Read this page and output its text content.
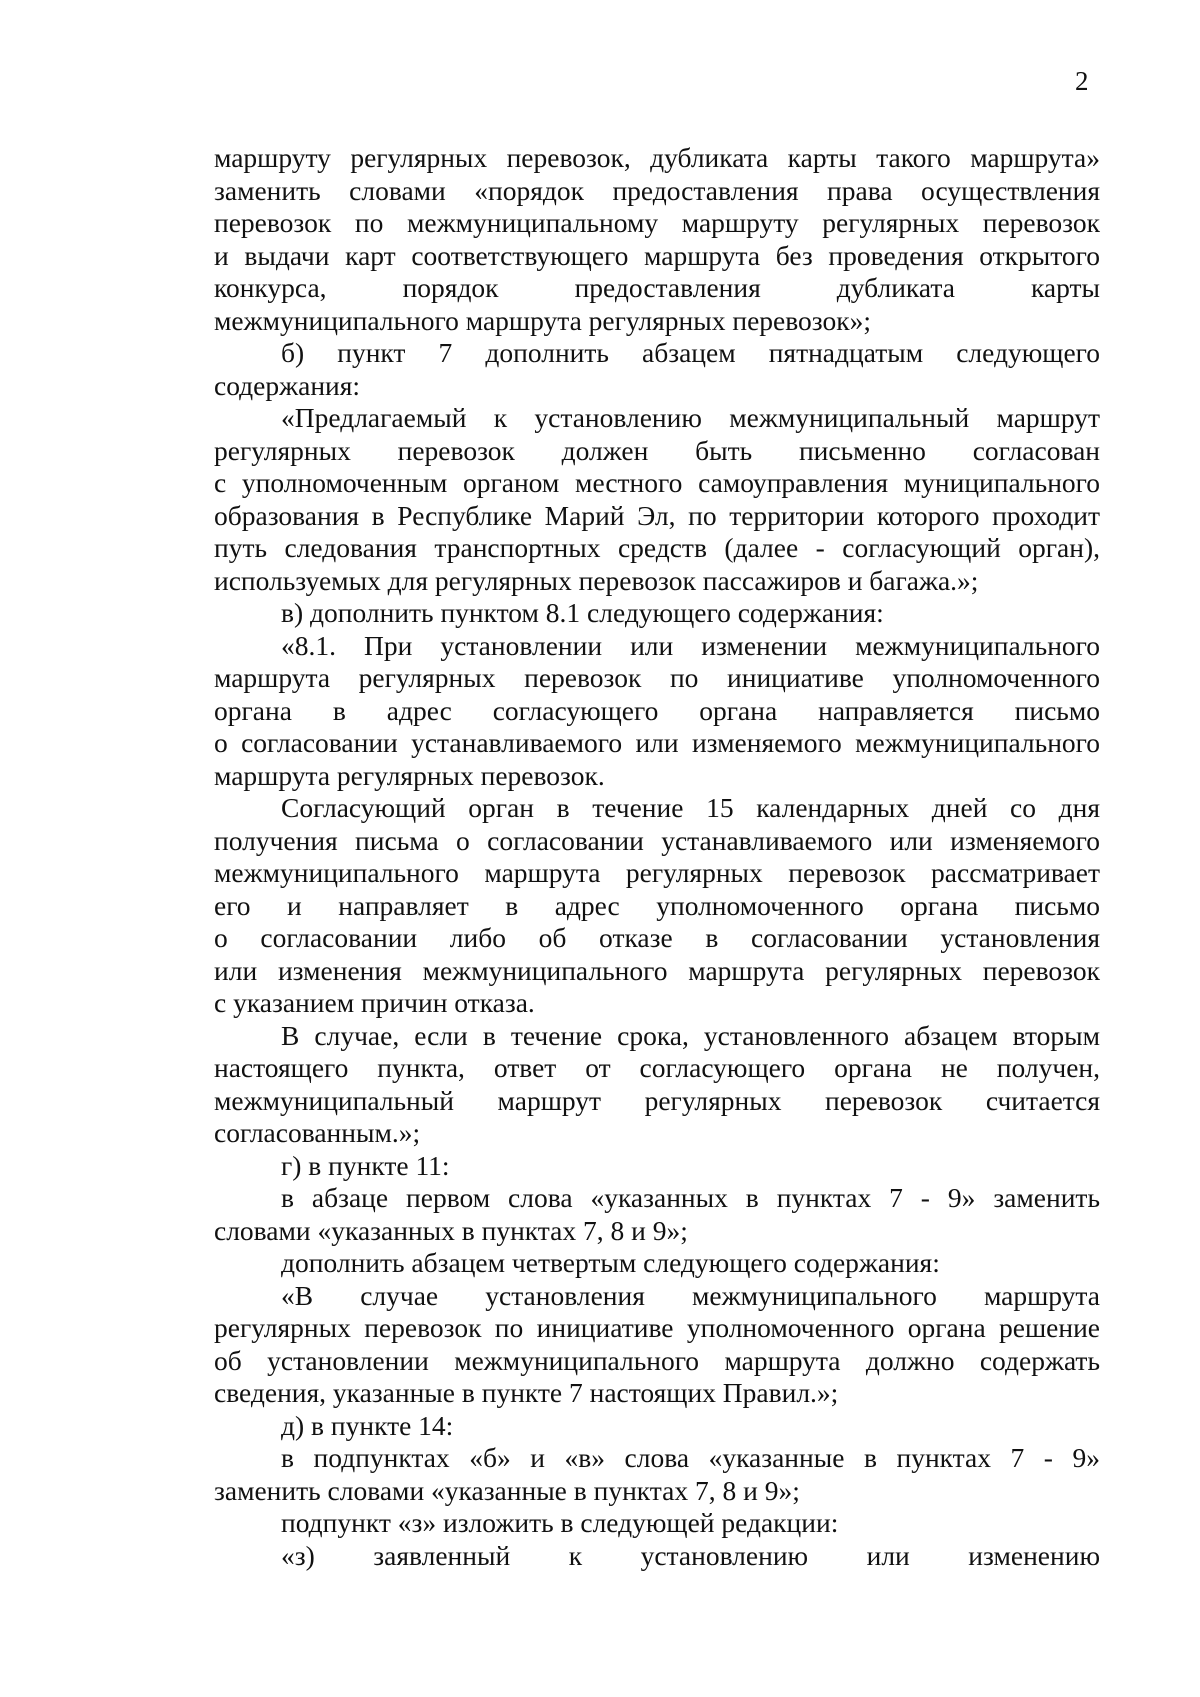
2
маршруту регулярных перевозок, дубликата карты такого маршрута»
заменить словами «порядок предоставления права осуществления
перевозок по межмуниципальному маршруту регулярных перевозок
и выдачи карт соответствующего маршрута без проведения открытого
конкурса, порядок предоставления дубликата карты
межмуниципального маршрута регулярных перевозок»;
б) пункт 7 дополнить абзацем пятнадцатым следующего
содержания:
«Предлагаемый к установлению межмуниципальный маршрут
регулярных перевозок должен быть письменно согласован
с уполномоченным органом местного самоуправления муниципального
образования в Республике Марий Эл, по территории которого проходит
путь следования транспортных средств (далее - согласующий орган),
используемых для регулярных перевозок пассажиров и багажа.»;
в) дополнить пунктом 8.1 следующего содержания:
«8.1. При установлении или изменении межмуниципального
маршрута регулярных перевозок по инициативе уполномоченного
органа в адрес согласующего органа направляется письмо
о согласовании устанавливаемого или изменяемого межмуниципального
маршрута регулярных перевозок.
Согласующий орган в течение 15 календарных дней со дня
получения письма о согласовании устанавливаемого или изменяемого
межмуниципального маршрута регулярных перевозок рассматривает
его и направляет в адрес уполномоченного органа письмо
о согласовании либо об отказе в согласовании установления
или изменения межмуниципального маршрута регулярных перевозок
с указанием причин отказа.
В случае, если в течение срока, установленного абзацем вторым
настоящего пункта, ответ от согласующего органа не получен,
межмуниципальный маршрут регулярных перевозок считается
согласованным.»;
г) в пункте 11:
в абзаце первом слова «указанных в пунктах 7 - 9» заменить
словами «указанных в пунктах 7, 8 и 9»;
дополнить абзацем четвертым следующего содержания:
«В случае установления межмуниципального маршрута
регулярных перевозок по инициативе уполномоченного органа решение
об установлении межмуниципального маршрута должно содержать
сведения, указанные в пункте 7 настоящих Правил.»;
д) в пункте 14:
в подпунктах «б» и «в» слова «указанные в пунктах 7 - 9»
заменить словами «указанные в пунктах 7, 8 и 9»;
подпункт «з» изложить в следующей редакции:
«з) заявленный к установлению или изменению
